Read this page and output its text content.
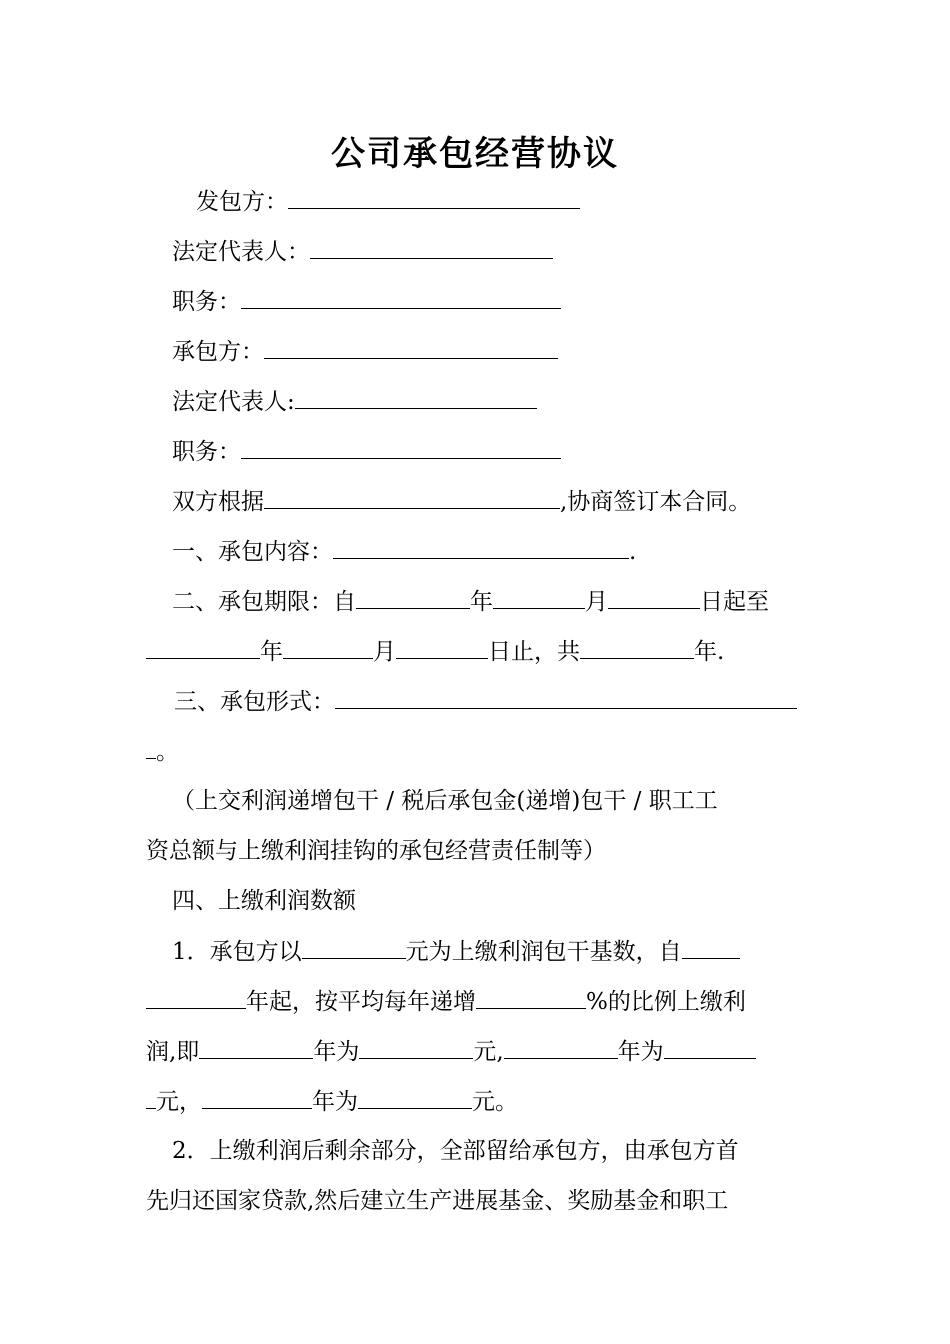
公司承包经营协议
发包方：
法定代表人：
职务：
承包方：
法定代表人:
职务：
双方根据	,协商签订本合同。
一、承包内容：	.
二、承包期限：自	年	月	日起至
年	月	日止，共	年.
三、承包形式：
。
（上交利润递增包干 / 税后承包金(递增)包干 / 职工工
资总额与上缴利润挂钩的承包经营责任制等）
四、上缴利润数额
1．承包方以	元为上缴利润包干基数，自
年起，按平均每年递增	%的比例上缴利
润,即	年为	元,	年为
元，	年为	元。
2．上缴利润后剩余部分，全部留给承包方，由承包方首
先归还国家贷款,然后建立生产进展基金、奖励基金和职工
